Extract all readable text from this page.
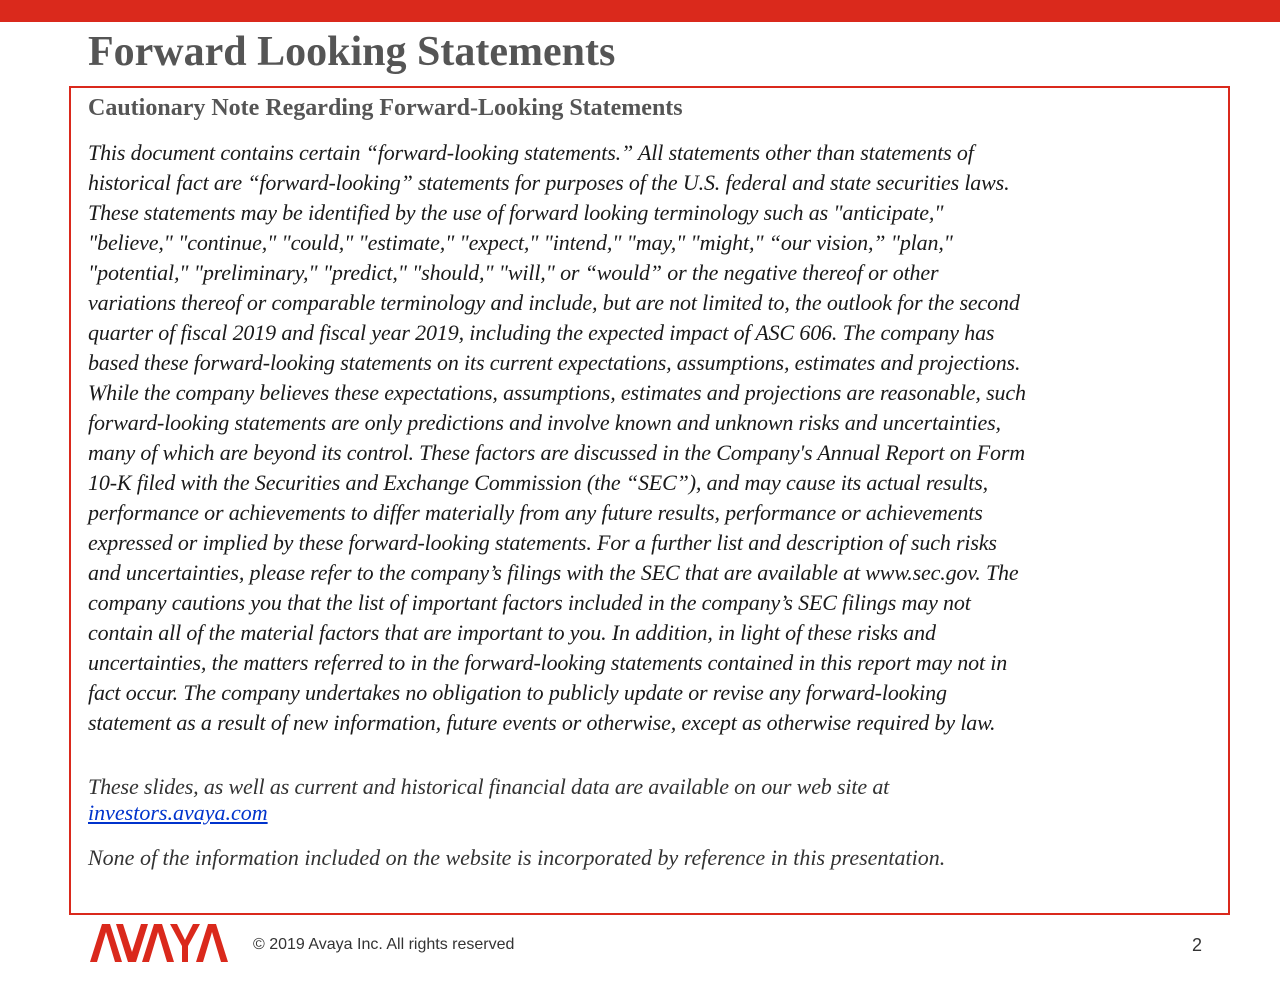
Forward Looking Statements
Cautionary Note Regarding Forward-Looking Statements
This document contains certain “forward-looking statements.” All statements other than statements of
historical fact are “forward-looking” statements for purposes of the U.S. federal and state securities laws.
These statements may be identified by the use of forward looking terminology such as "anticipate,"
"believe," "continue," "could," "estimate," "expect," "intend," "may," "might," “our vision,” "plan,"
"potential," "preliminary," "predict," "should," "will," or “would” or the negative thereof or other
variations thereof or comparable terminology and include, but are not limited to, the outlook for the second
quarter of fiscal 2019 and fiscal year 2019, including the expected impact of ASC 606. The company has
based these forward-looking statements on its current expectations, assumptions, estimates and projections.
While the company believes these expectations, assumptions, estimates and projections are reasonable, such
forward-looking statements are only predictions and involve known and unknown risks and uncertainties,
many of which are beyond its control. These factors are discussed in the Company's Annual Report on Form
10-K filed with the Securities and Exchange Commission (the “SEC”), and may cause its actual results,
performance or achievements to differ materially from any future results, performance or achievements
expressed or implied by these forward-looking statements. For a further list and description of such risks
and uncertainties, please refer to the company’s filings with the SEC that are available at www.sec.gov. The
company cautions you that the list of important factors included in the company’s SEC filings may not
contain all of the material factors that are important to you. In addition, in light of these risks and
uncertainties, the matters referred to in the forward-looking statements contained in this report may not in
fact occur. The company undertakes no obligation to publicly update or revise any forward-looking
statement as a result of new information, future events or otherwise, except as otherwise required by law.
These slides, as well as current and historical financial data are available on our web site at
investors.avaya.com
None of the information included on the website is incorporated by reference in this presentation.
© 2019 Avaya Inc. All rights reserved	2
